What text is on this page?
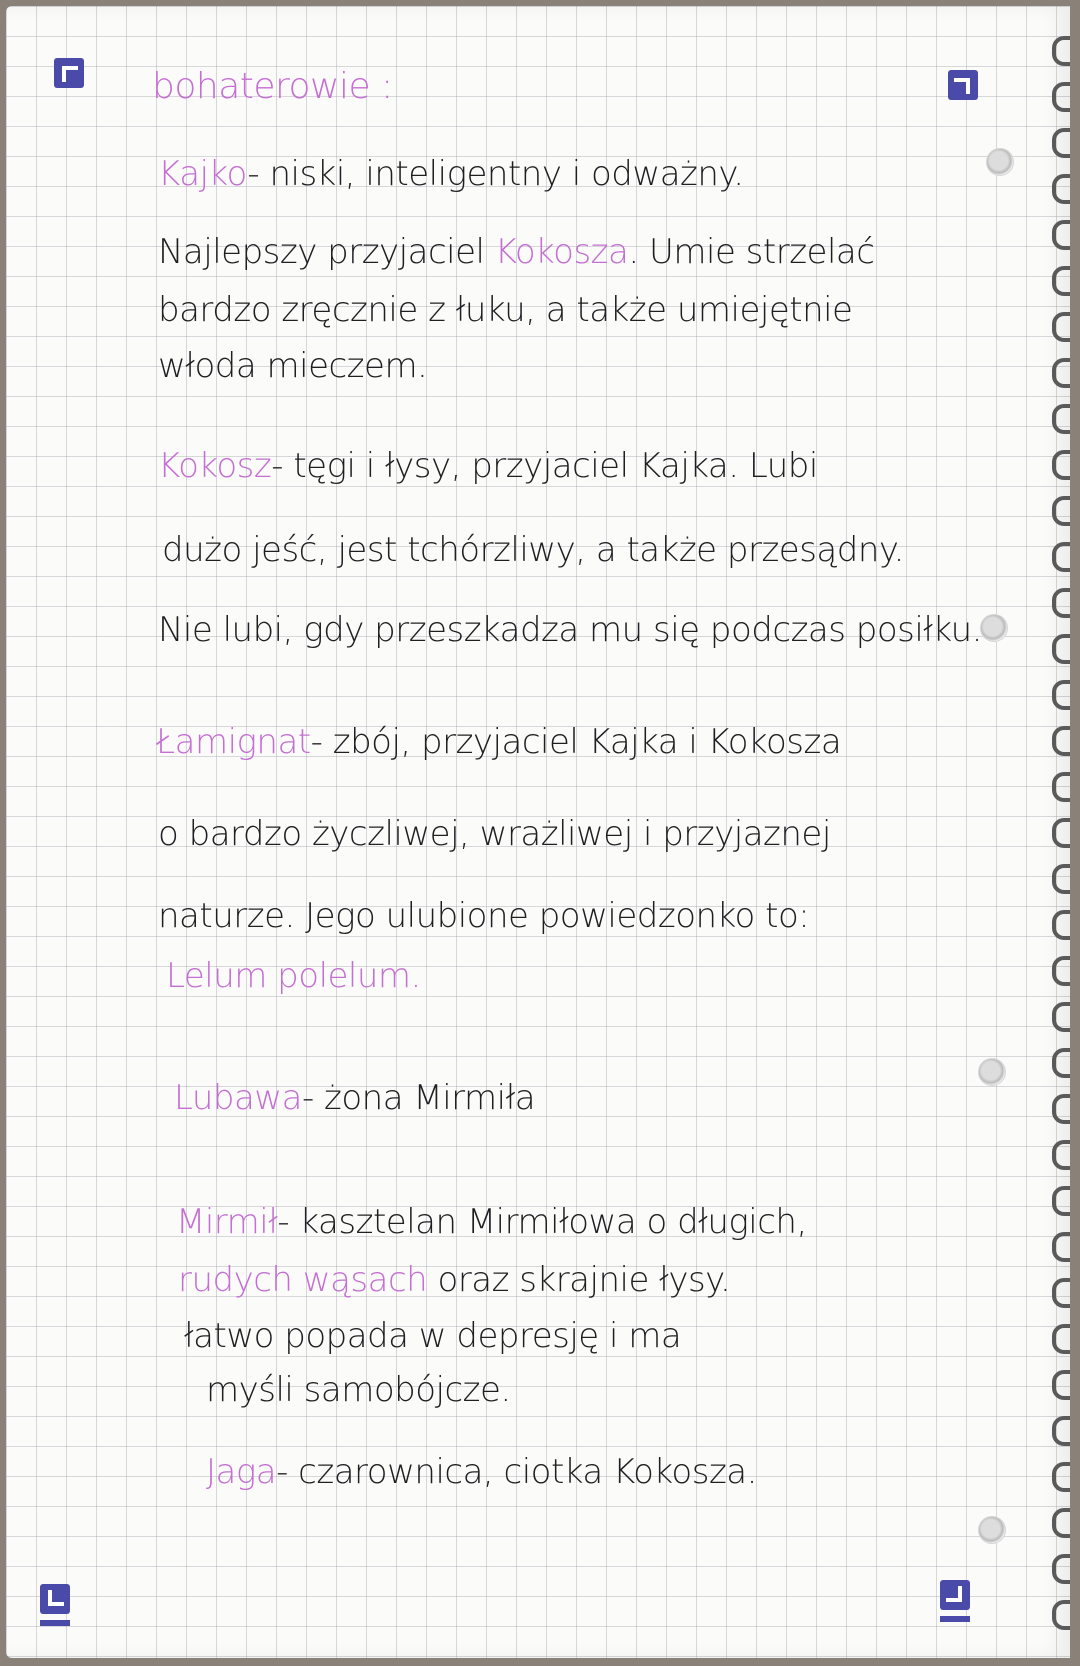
bohaterowie :

Kajko- niski, inteligentny i odważny.

Najlepszy przyjaciel Kokosza. Umie strzelać

bardzo zręcznie z łuku, a także umiejętnie

włoda mieczem.

Kokosz- tęgi i łysy, przyjaciel Kajka. Lubi

dużo jeść, jest tchórzliwy, a także przesądny.

Nie lubi, gdy przeszkadza mu się podczas posiłku.

Łamignat- zbój, przyjaciel Kajka i Kokosza

o bardzo życzliwej, wrażliwej i przyjaznej

naturze. Jego ulubione powiedzonko to:

Lelum polelum.

Lubawa- żona Mirmiła

Mirmił- kasztelan Mirmiłowa o długich,

rudych wąsach oraz skrajnie łysy.

łatwo popada w depresję i ma

myśli samobójcze.

Jaga- czarownica, ciotka Kokosza.
